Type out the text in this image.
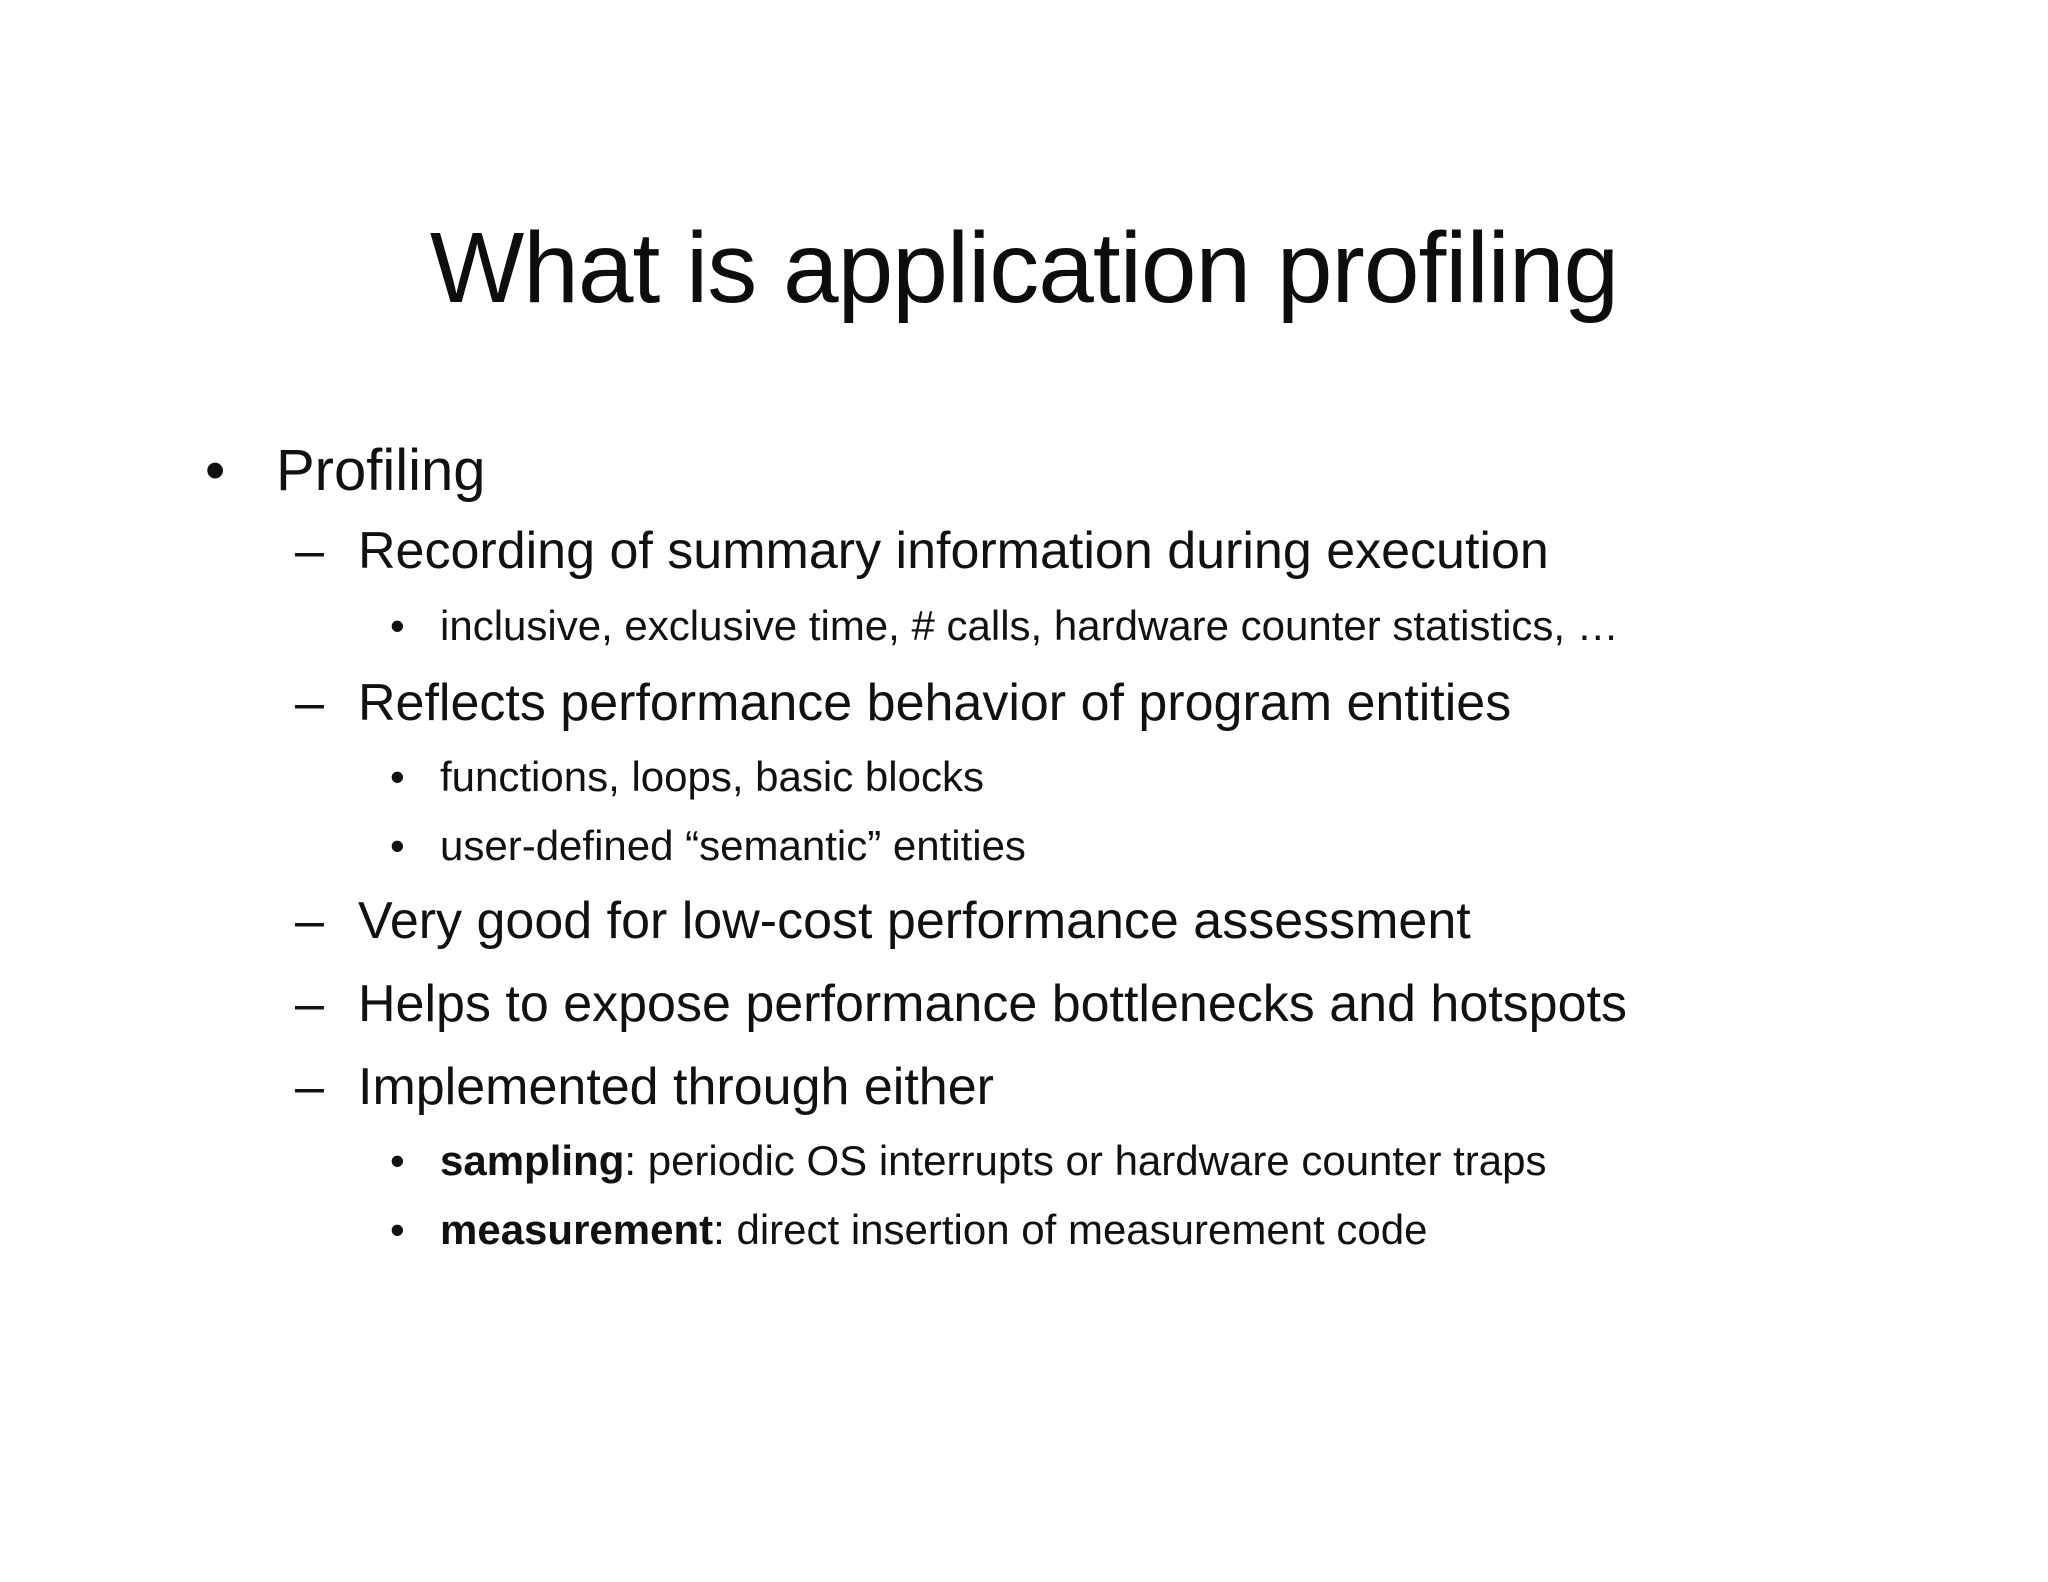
What is application profiling
• Profiling
– Recording of summary information during execution
• inclusive, exclusive time, # calls, hardware counter statistics, …
– Reflects performance behavior of program entities
• functions, loops, basic blocks
• user-defined “semantic” entities
– Very good for low-cost performance assessment
– Helps to expose performance bottlenecks and hotspots
– Implemented through either
• sampling: periodic OS interrupts or hardware counter traps
• measurement: direct insertion of measurement code
